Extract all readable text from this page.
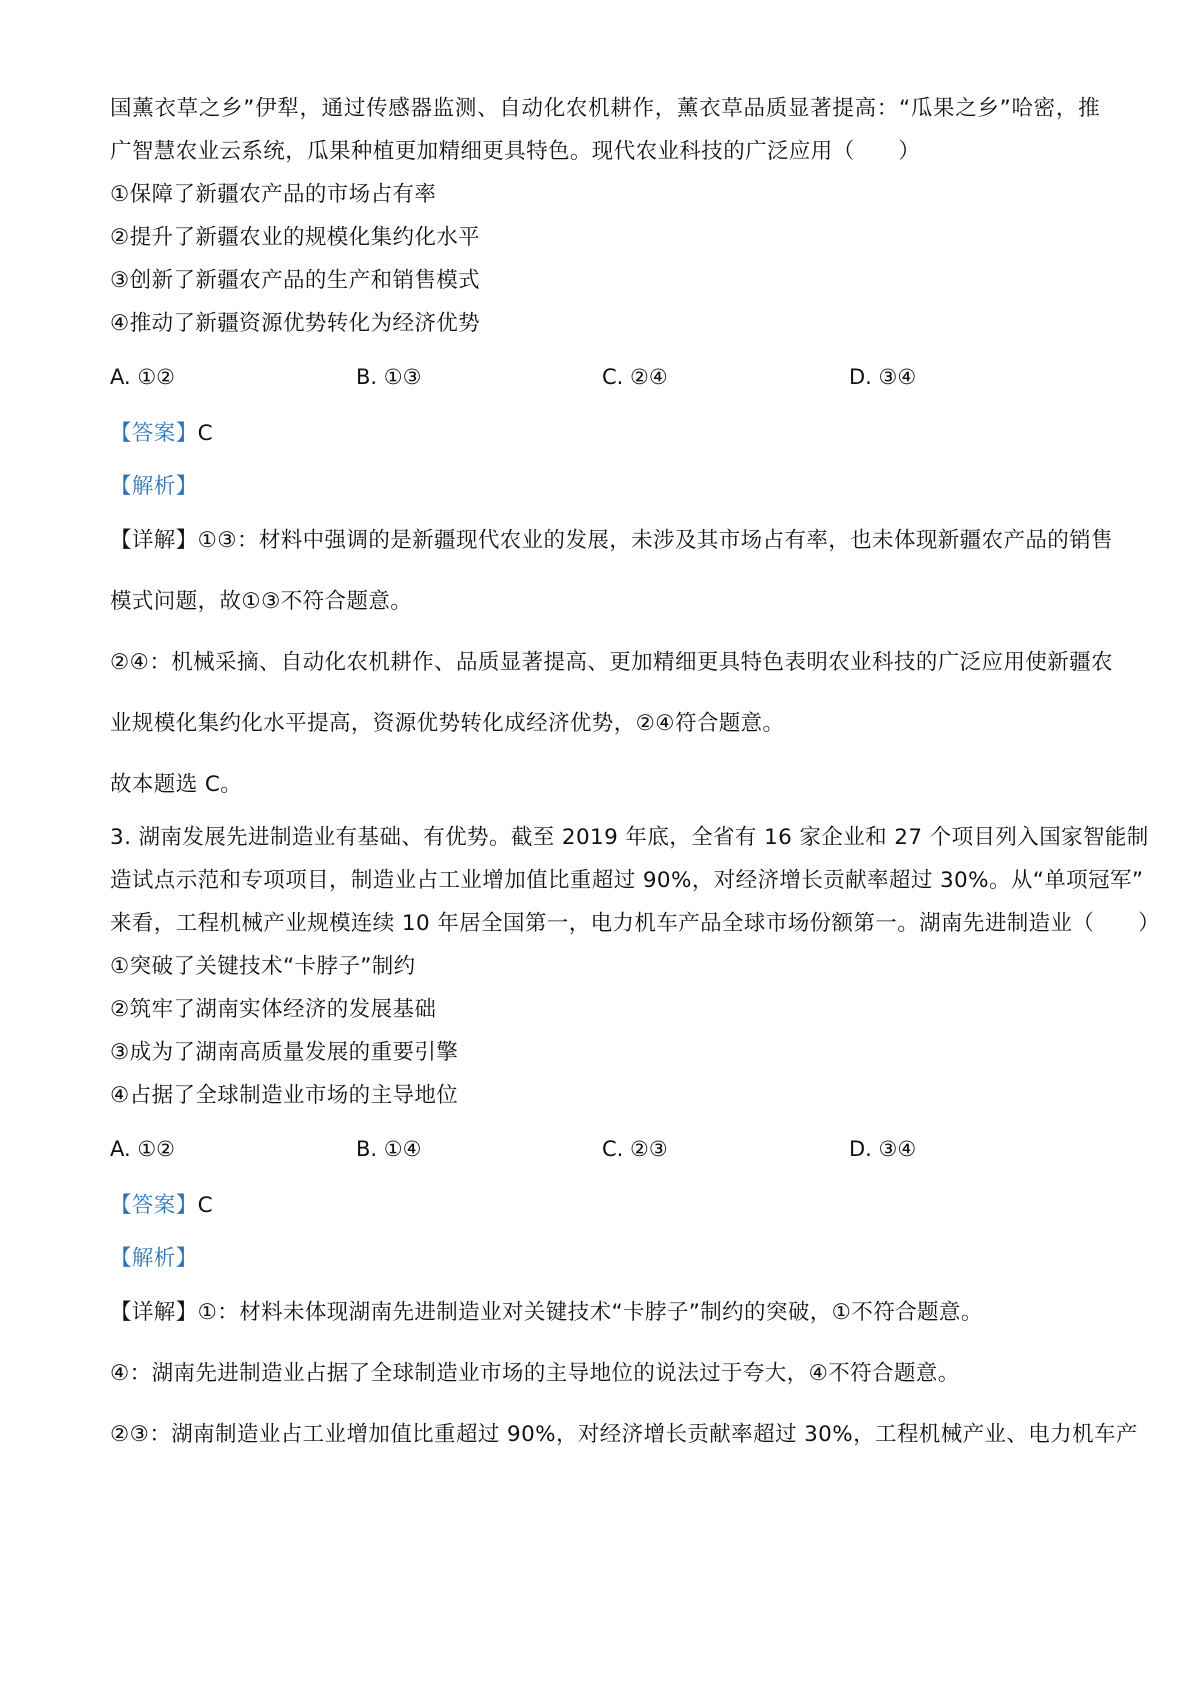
国薰衣草之乡”伊犁，通过传感器监测、自动化农机耕作，薰衣草品质显著提高：“瓜果之乡”哈密，推
广智慧农业云系统，瓜果种植更加精细更具特色。现代农业科技的广泛应用（　　）
①保障了新疆农产品的市场占有率
②提升了新疆农业的规模化集约化水平
③创新了新疆农产品的生产和销售模式
④推动了新疆资源优势转化为经济优势
A. ①②	B. ①③	C. ②④	D. ③④
【答案】C
【解析】
【详解】①③：材料中强调的是新疆现代农业的发展，未涉及其市场占有率，也未体现新疆农产品的销售
模式问题，故①③不符合题意。
②④：机械采摘、自动化农机耕作、品质显著提高、更加精细更具特色表明农业科技的广泛应用使新疆农
业规模化集约化水平提高，资源优势转化成经济优势，②④符合题意。
故本题选 C。
3. 湖南发展先进制造业有基础、有优势。截至 2019 年底，全省有 16 家企业和 27 个项目列入国家智能制
造试点示范和专项项目，制造业占工业增加值比重超过 90%，对经济增长贡献率超过 30%。从“单项冠军”
来看，工程机械产业规模连续 10 年居全国第一，电力机车产品全球市场份额第一。湖南先进制造业（　　）
①突破了关键技术“卡脖子”制约
②筑牢了湖南实体经济的发展基础
③成为了湖南高质量发展的重要引擎
④占据了全球制造业市场的主导地位
A. ①②	B. ①④	C. ②③	D. ③④
【答案】C
【解析】
【详解】①：材料未体现湖南先进制造业对关键技术“卡脖子”制约的突破，①不符合题意。
④：湖南先进制造业占据了全球制造业市场的主导地位的说法过于夸大，④不符合题意。
②③：湖南制造业占工业增加值比重超过 90%，对经济增长贡献率超过 30%，工程机械产业、电力机车产
